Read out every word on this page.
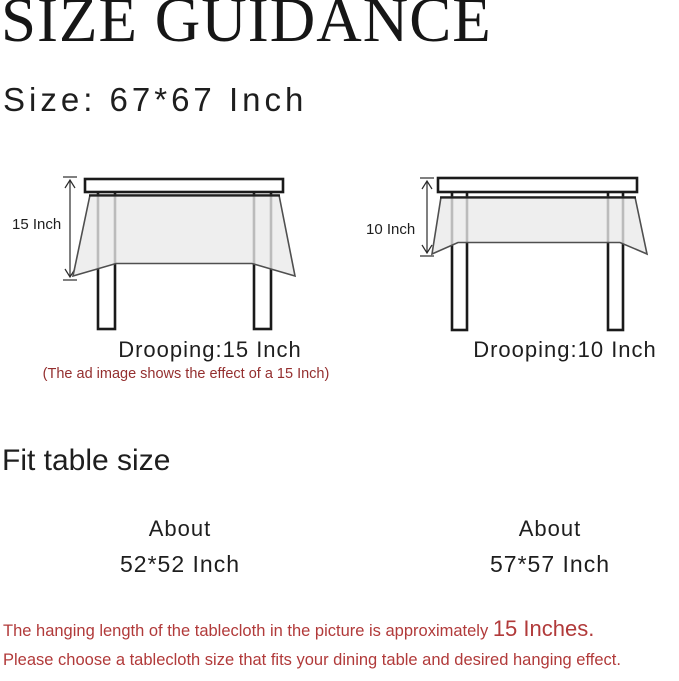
SIZE GUIDANCE
Size: 67*67 Inch
15 Inch
Drooping:15 Inch
(The ad image shows the effect of a 15 Inch)
10 Inch
Drooping:10 Inch
Fit table size
About
52*52 Inch
About
57*57 Inch
The hanging length of the tablecloth in the picture is approximately 15 Inches.
Please choose a tablecloth size that fits your dining table and desired hanging effect.
